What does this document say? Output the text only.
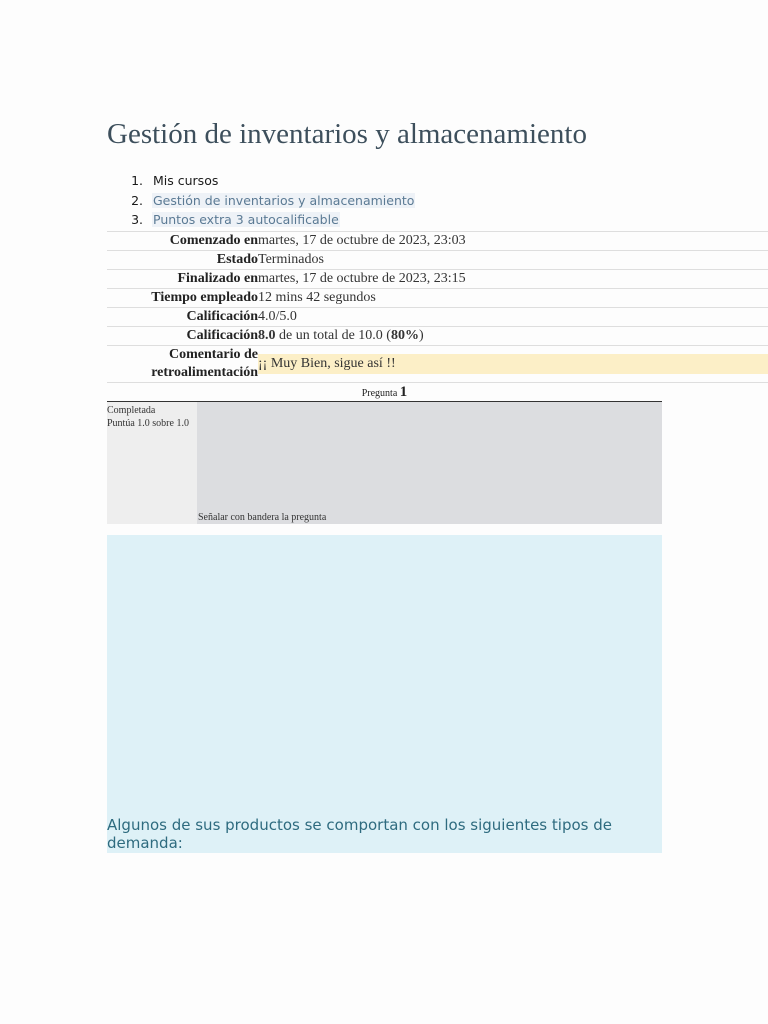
Gestión de inventarios y almacenamiento
1. Mis cursos
2. Gestión de inventarios y almacenamiento
3. Puntos extra 3 autocalificable
Comenzado en martes, 17 de octubre de 2023, 23:03
Estado Terminados
Finalizado en martes, 17 de octubre de 2023, 23:15
Tiempo empleado 12 mins 42 segundos
Calificación 4.0/5.0
Calificación 8.0 de un total de 10.0 (80%)
Comentario de
retroalimentación
¡¡ Muy Bien, sigue así !!
Pregunta 1
Completada
Puntúa 1.0 sobre 1.0
Señalar con bandera la pregunta
Algunos de sus productos se comportan con los siguientes tipos de demanda:
